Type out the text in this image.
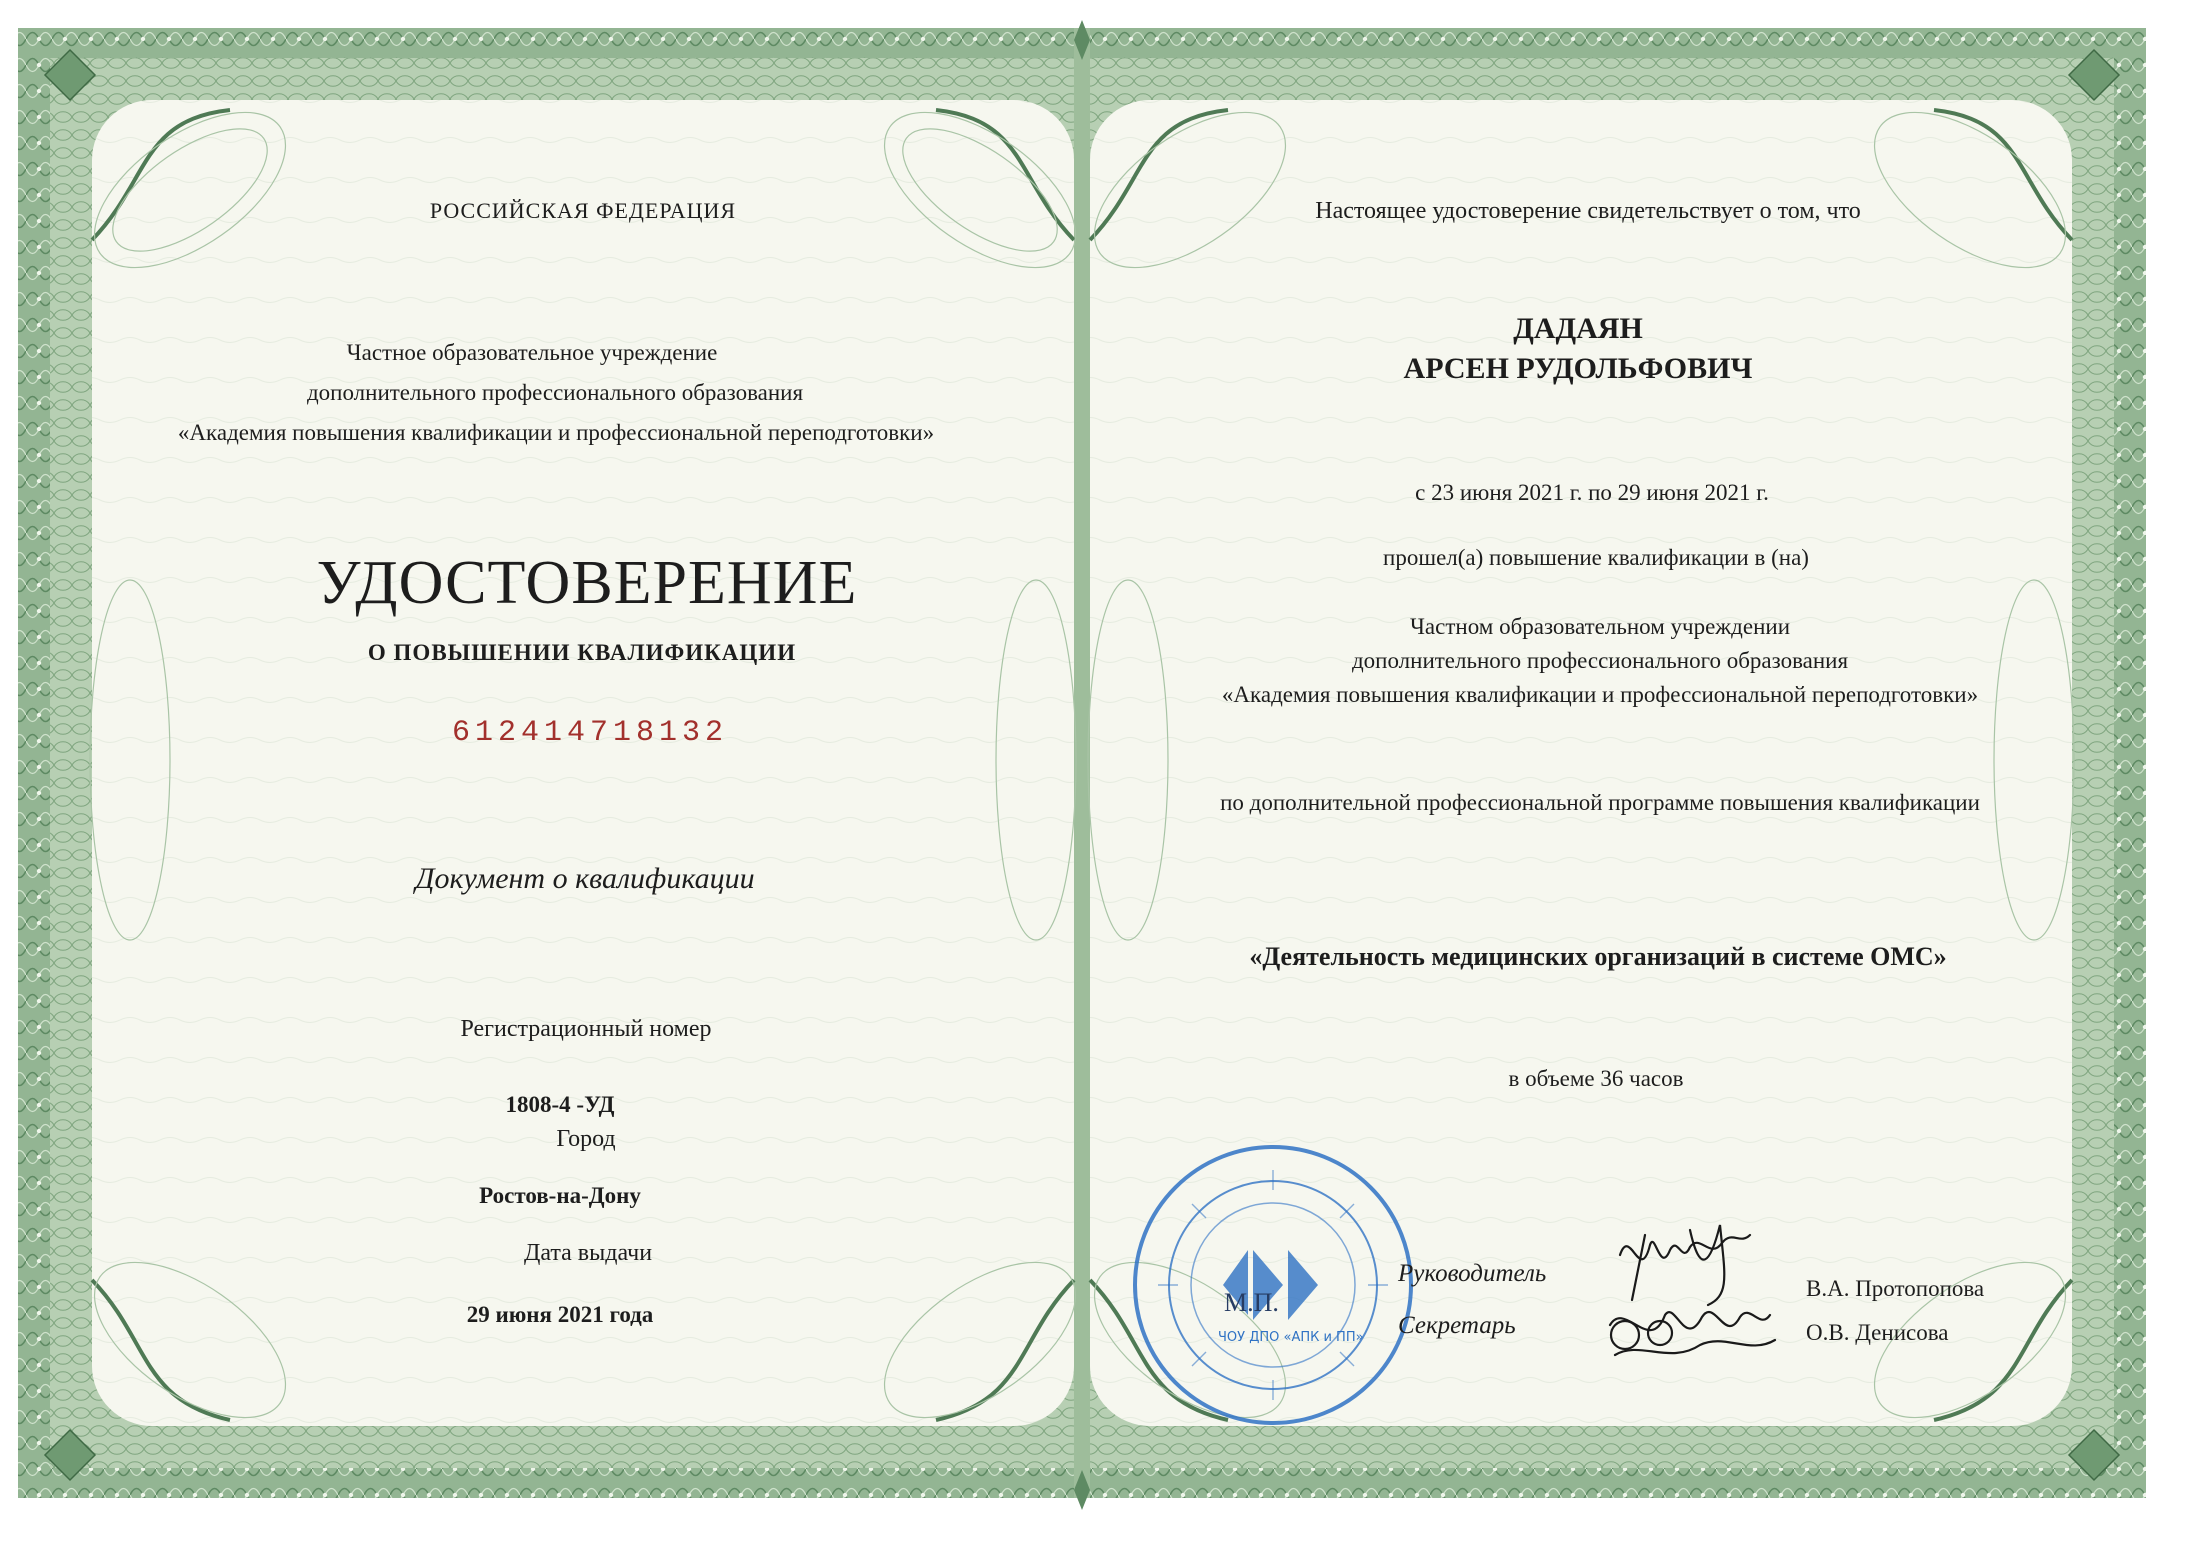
РОССИЙСКАЯ ФЕДЕРАЦИЯ
Частное образовательное учреждение
дополнительного профессионального образования
«Академия повышения квалификации и профессиональной переподготовки»
УДОСТОВЕРЕНИЕ
О ПОВЫШЕНИИ КВАЛИФИКАЦИИ
612414718132
Документ о квалификации
Регистрационный номер
1808-4 -УД
Город
Ростов-на-Дону
Дата выдачи
29 июня 2021 года
Настоящее удостоверение свидетельствует о том, что
ДАДАЯН
АРСЕН РУДОЛЬФОВИЧ
с 23 июня 2021 г. по 29 июня 2021 г.
прошел(а) повышение квалификации в (на)
Частном образовательном учреждении
дополнительного профессионального образования
«Академия повышения квалификации и профессиональной переподготовки»
по дополнительной профессиональной программе повышения квалификации
«Деятельность медицинских организаций в системе ОМС»
в объеме 36 часов
М.П.
ЧОУ ДПО «АПК и ПП»
Руководитель
Секретарь
В.А. Протопопова
О.В. Денисова
